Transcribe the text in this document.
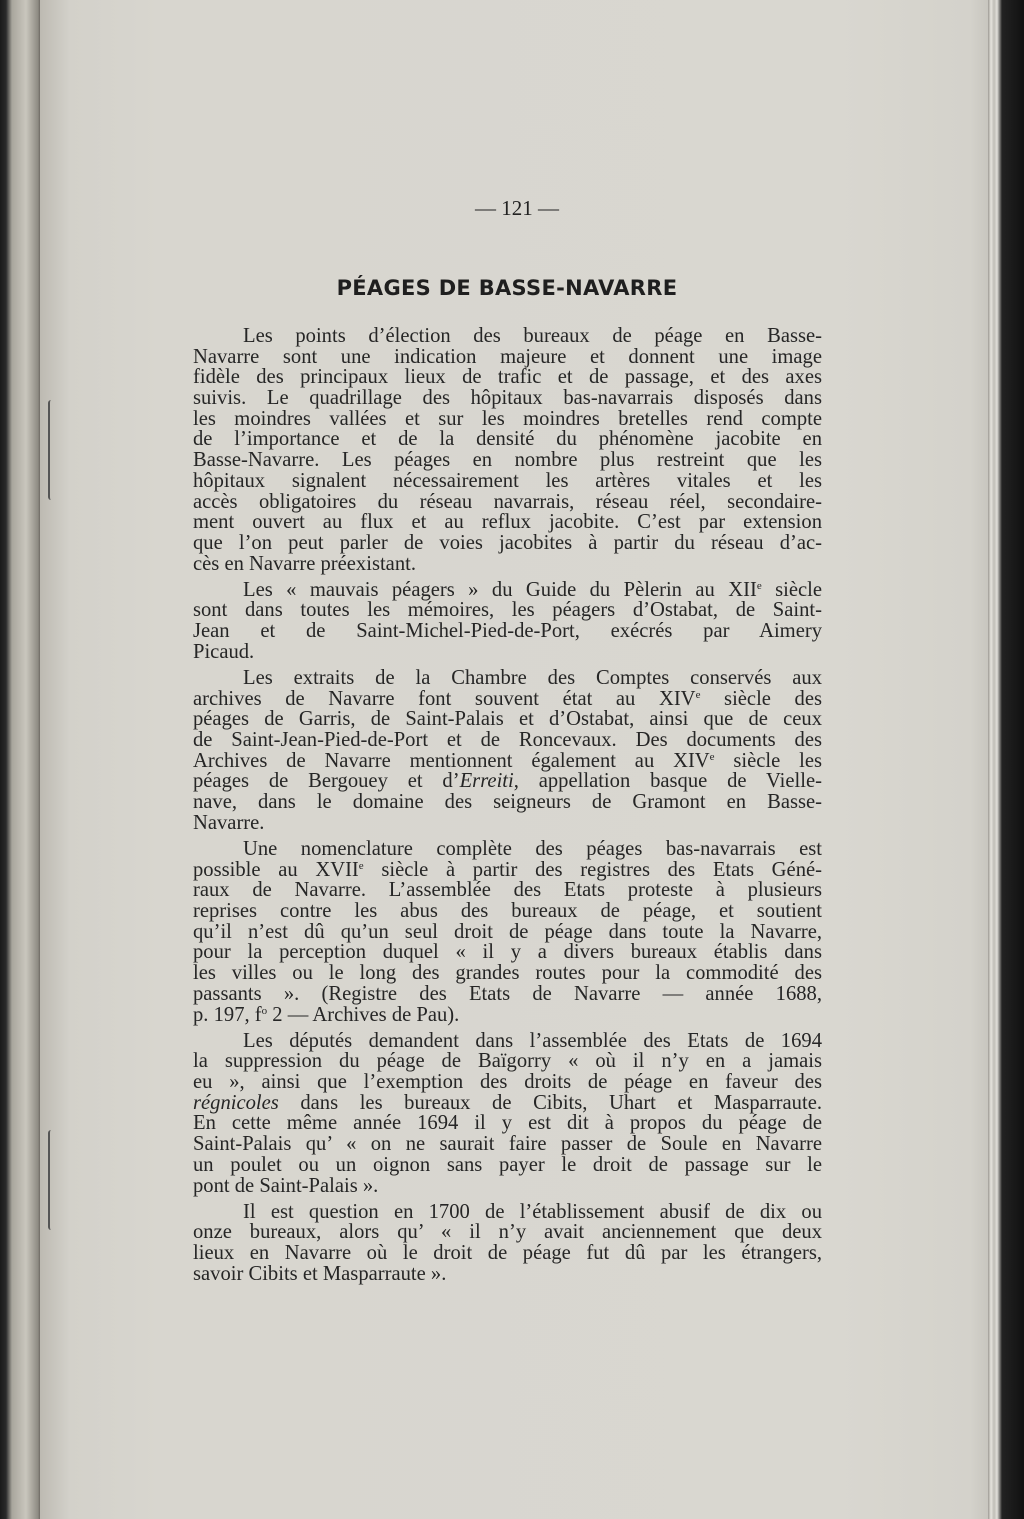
— 121 —
PÉAGES DE BASSE-NAVARRE
Les points d’élection des bureaux de péage en Basse-
Navarre sont une indication majeure et donnent une image
fidèle des principaux lieux de trafic et de passage, et des axes
suivis. Le quadrillage des hôpitaux bas-navarrais disposés dans
les moindres vallées et sur les moindres bretelles rend compte
de l’importance et de la densité du phénomène jacobite en
Basse-Navarre. Les péages en nombre plus restreint que les
hôpitaux signalent nécessairement les artères vitales et les
accès obligatoires du réseau navarrais, réseau réel, secondaire-
ment ouvert au flux et au reflux jacobite. C’est par extension
que l’on peut parler de voies jacobites à partir du réseau d’ac-
cès en Navarre préexistant.
Les « mauvais péagers » du Guide du Pèlerin au XIIe siècle
sont dans toutes les mémoires, les péagers d’Ostabat, de Saint-
Jean et de Saint-Michel-Pied-de-Port, exécrés par Aimery
Picaud.
Les extraits de la Chambre des Comptes conservés aux
archives de Navarre font souvent état au XIVe siècle des
péages de Garris, de Saint-Palais et d’Ostabat, ainsi que de ceux
de Saint-Jean-Pied-de-Port et de Roncevaux. Des documents des
Archives de Navarre mentionnent également au XIVe siècle les
péages de Bergouey et d’Erreiti, appellation basque de Vielle-
nave, dans le domaine des seigneurs de Gramont en Basse-
Navarre.
Une nomenclature complète des péages bas-navarrais est
possible au XVIIe siècle à partir des registres des Etats Géné-
raux de Navarre. L’assemblée des Etats proteste à plusieurs
reprises contre les abus des bureaux de péage, et soutient
qu’il n’est dû qu’un seul droit de péage dans toute la Navarre,
pour la perception duquel « il y a divers bureaux établis dans
les villes ou le long des grandes routes pour la commodité des
passants ». (Registre des Etats de Navarre — année 1688,
p. 197, $f^o$ 2 — Archives de Pau).
Les députés demandent dans l’assemblée des Etats de 1694
la suppression du péage de Baïgorry « où il n’y en a jamais
eu », ainsi que l’exemption des droits de péage en faveur des
régnicoles dans les bureaux de Cibits, Uhart et Masparraute.
En cette même année 1694 il y est dit à propos du péage de
Saint-Palais qu’ « on ne saurait faire passer de Soule en Navarre
un poulet ou un oignon sans payer le droit de passage sur le
pont de Saint-Palais ».
Il est question en 1700 de l’établissement abusif de dix ou
onze bureaux, alors qu’ « il n’y avait anciennement que deux
lieux en Navarre où le droit de péage fut dû par les étrangers,
savoir Cibits et Masparraute ».
